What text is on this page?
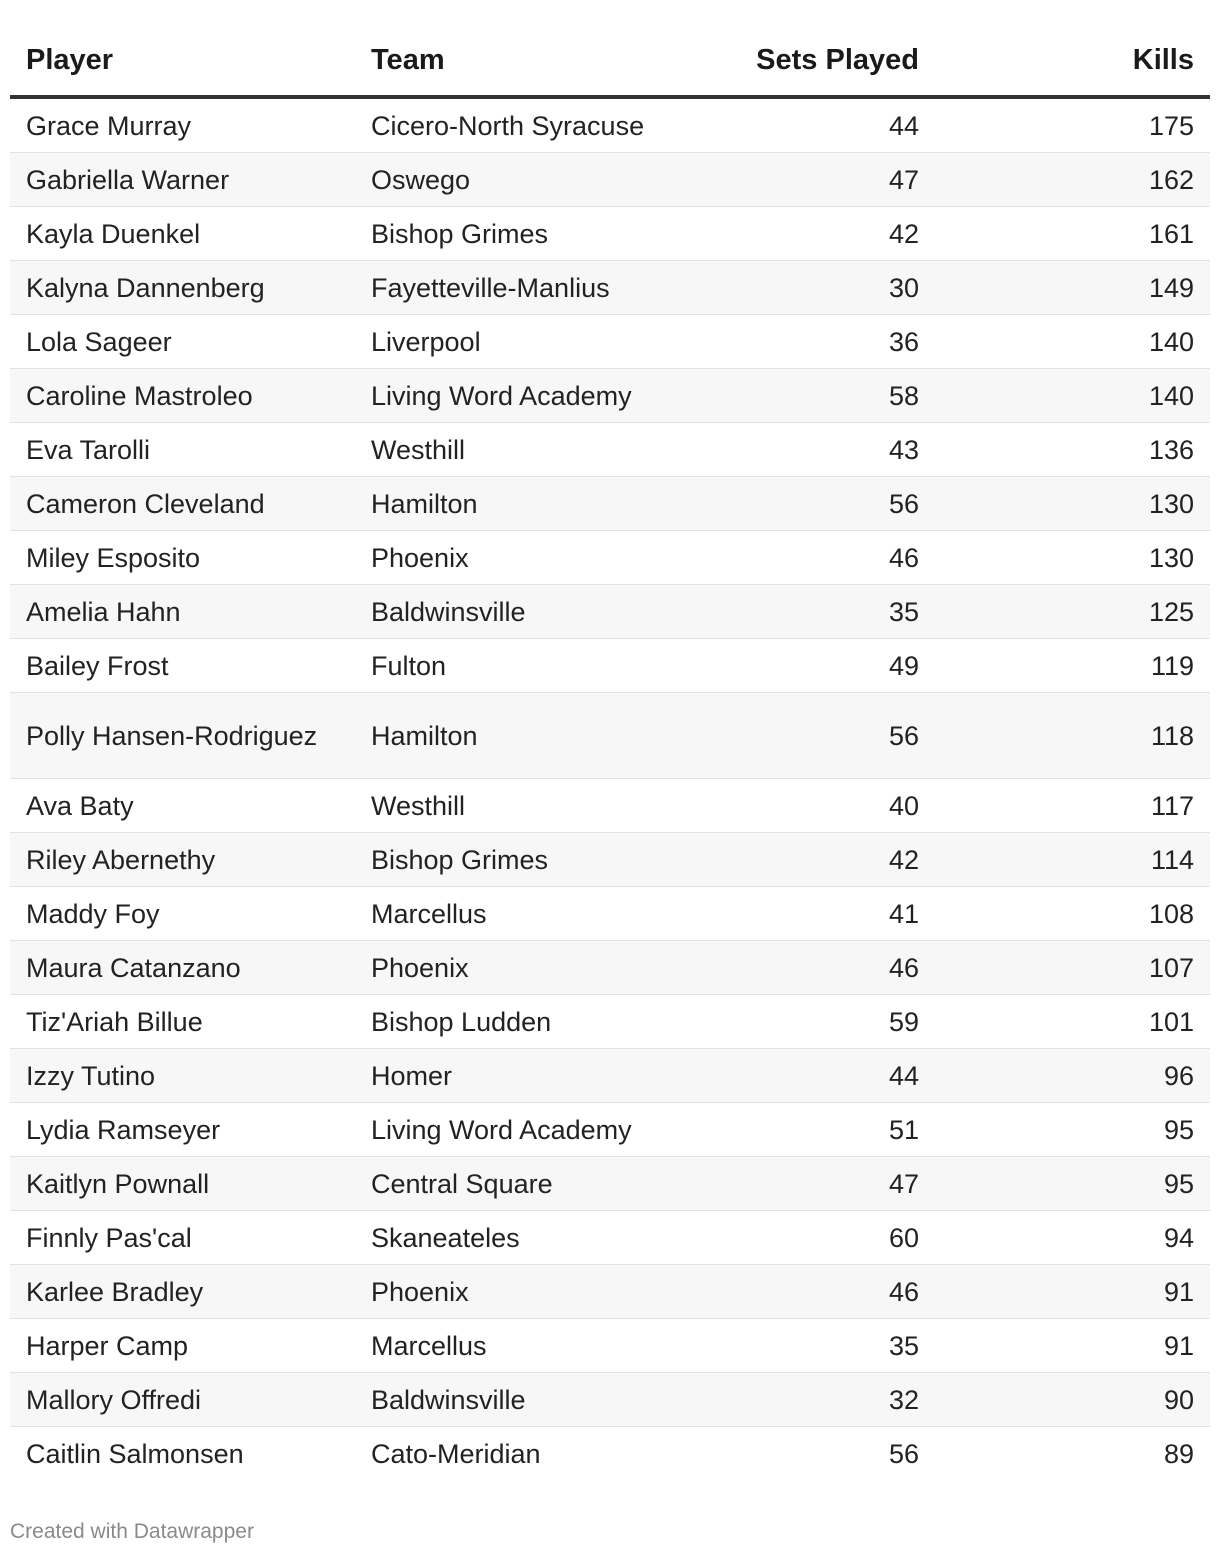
Player	Team	Sets Played	Kills
Grace Murray	Cicero-North Syracuse	44	175
Gabriella Warner	Oswego	47	162
Kayla Duenkel	Bishop Grimes	42	161
Kalyna Dannenberg	Fayetteville-Manlius	30	149
Lola Sageer	Liverpool	36	140
Caroline Mastroleo	Living Word Academy	58	140
Eva Tarolli	Westhill	43	136
Cameron Cleveland	Hamilton	56	130
Miley Esposito	Phoenix	46	130
Amelia Hahn	Baldwinsville	35	125
Bailey Frost	Fulton	49	119
Polly Hansen-Rodriguez	Hamilton	56	118
Ava Baty	Westhill	40	117
Riley Abernethy	Bishop Grimes	42	114
Maddy Foy	Marcellus	41	108
Maura Catanzano	Phoenix	46	107
Tiz'Ariah Billue	Bishop Ludden	59	101
Izzy Tutino	Homer	44	96
Lydia Ramseyer	Living Word Academy	51	95
Kaitlyn Pownall	Central Square	47	95
Finnly Pas'cal	Skaneateles	60	94
Karlee Bradley	Phoenix	46	91
Harper Camp	Marcellus	35	91
Mallory Offredi	Baldwinsville	32	90
Caitlin Salmonsen	Cato-Meridian	56	89
Created with Datawrapper
